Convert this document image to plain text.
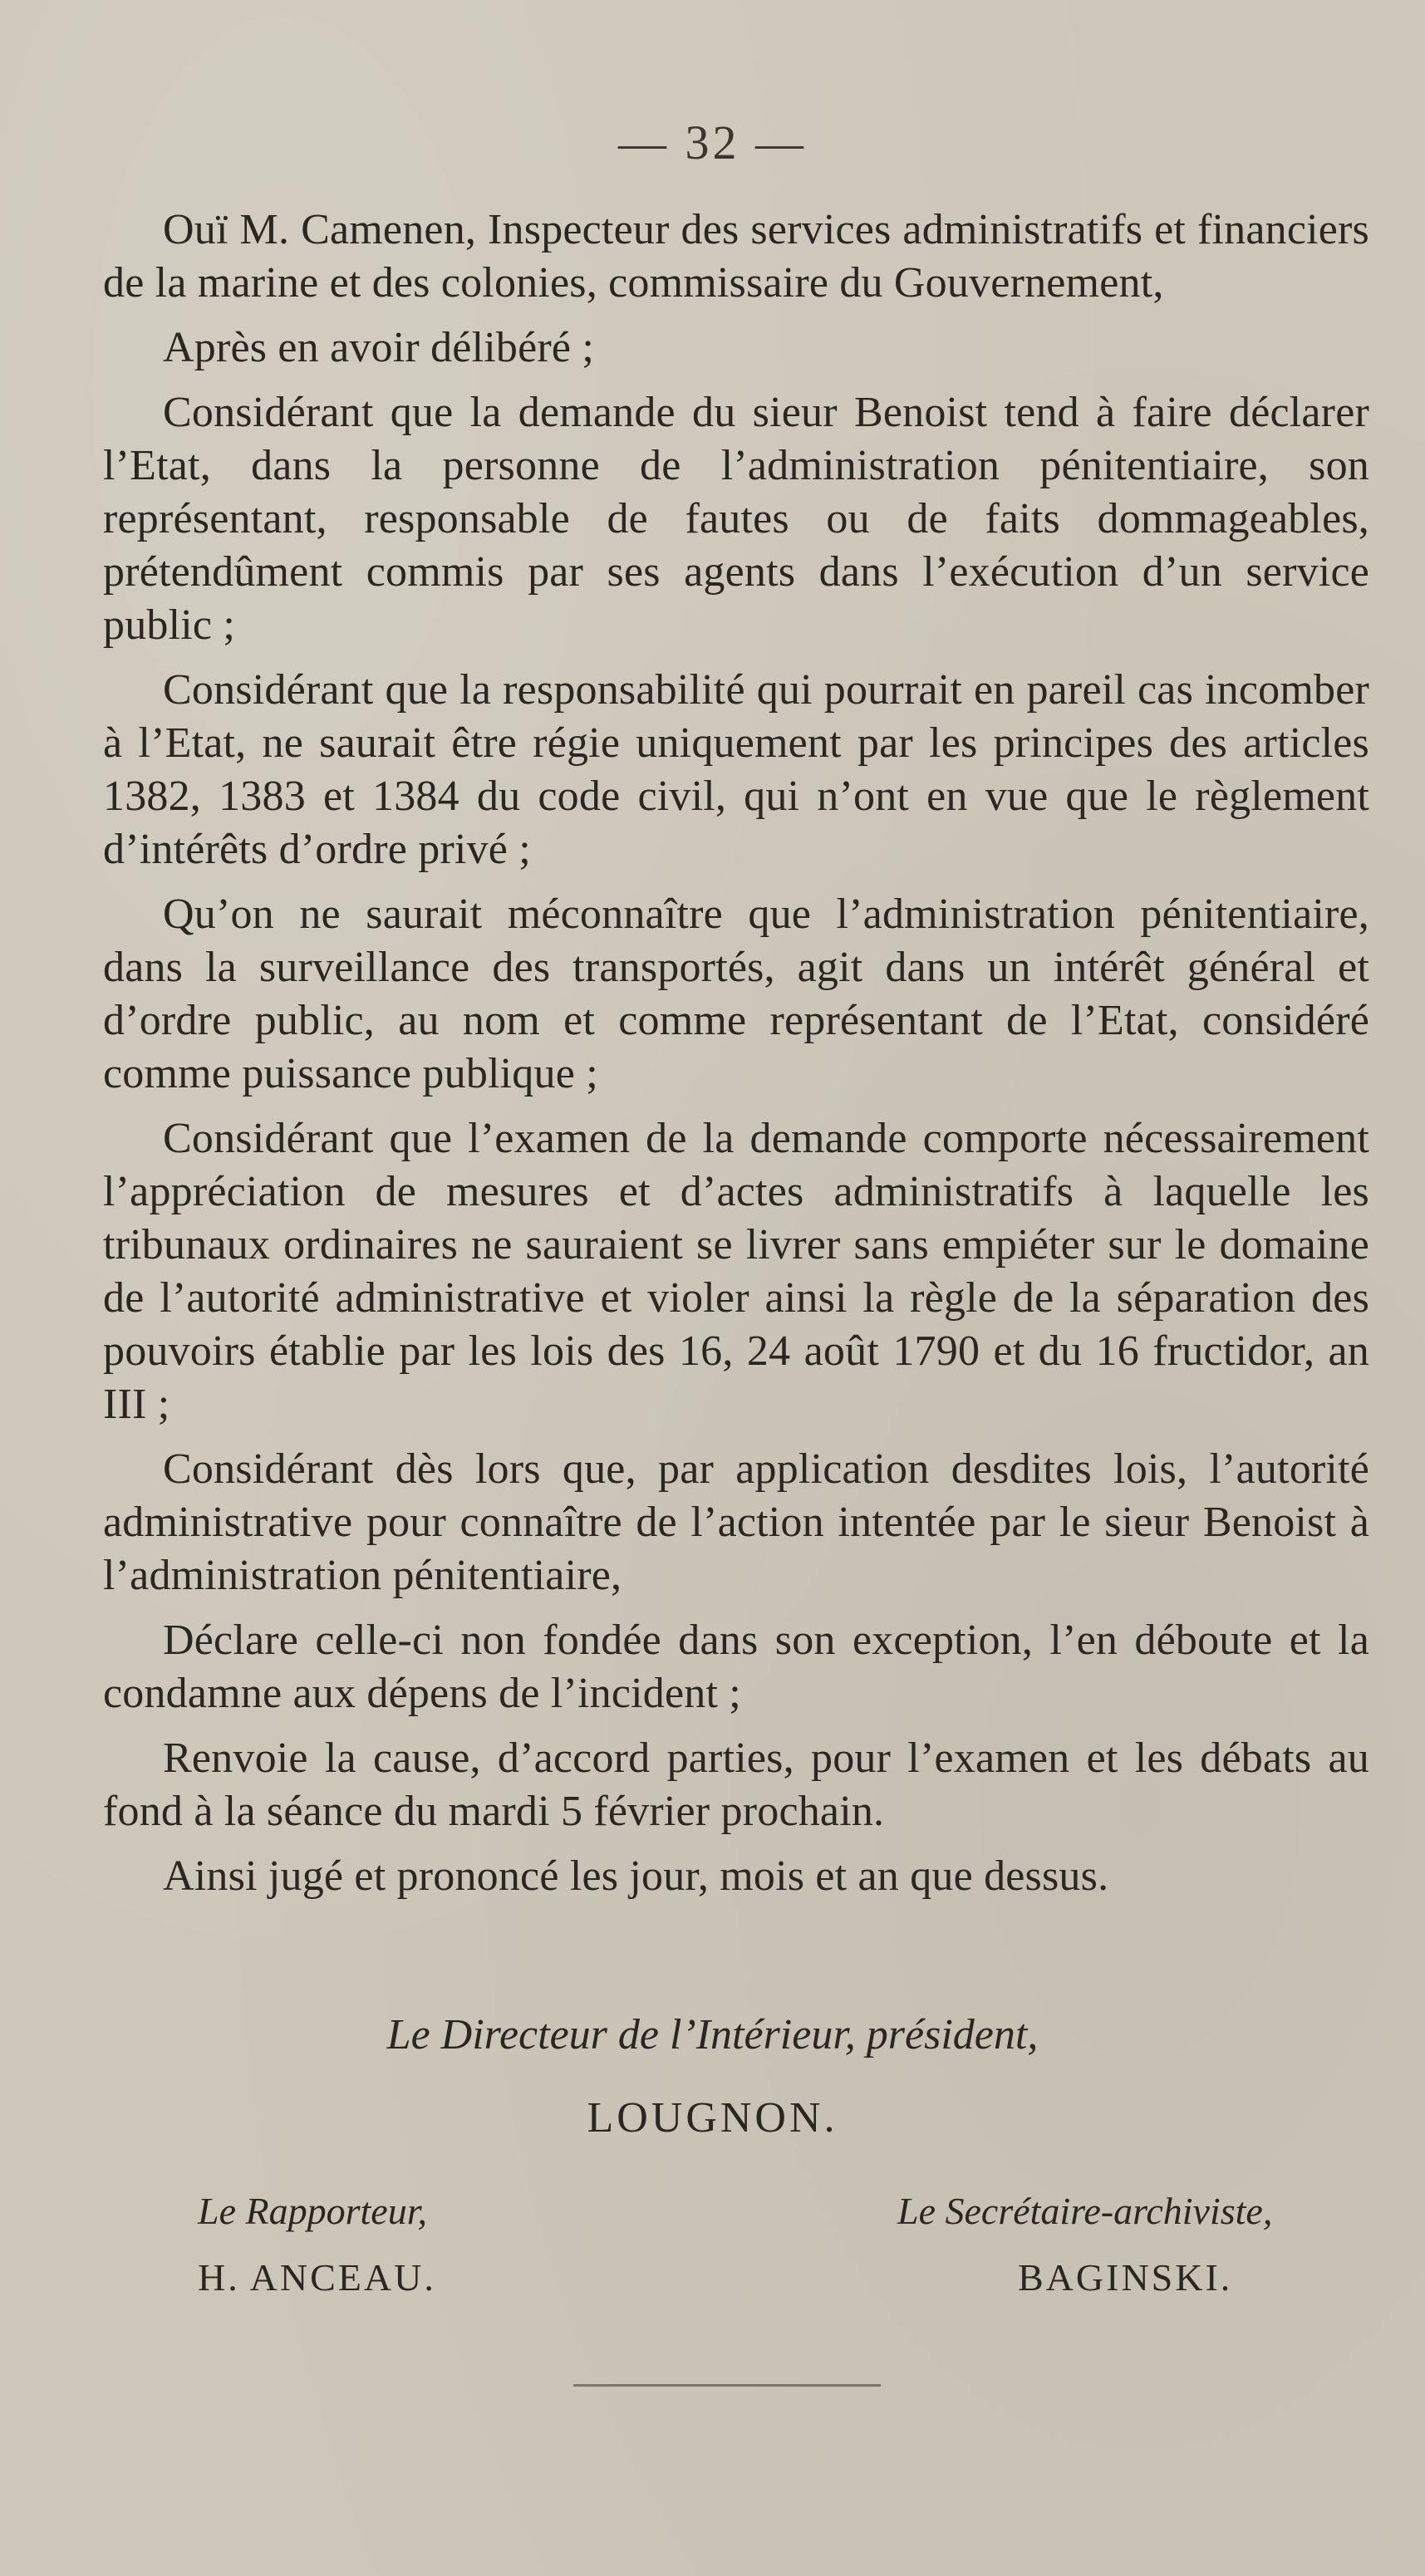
— 32 —

Ouï M. Camenen, Inspecteur des services administratifs et financiers de la marine et des colonies, commissaire du Gouvernement,

Après en avoir délibéré ;

Considérant que la demande du sieur Benoist tend à faire déclarer l’Etat, dans la personne de l’administration pénitentiaire, son représentant, responsable de fautes ou de faits dommageables, prétendûment commis par ses agents dans l’exécution d’un service public ;

Considérant que la responsabilité qui pourrait en pareil cas incomber à l’Etat, ne saurait être régie uniquement par les principes des articles 1382, 1383 et 1384 du code civil, qui n’ont en vue que le règlement d’intérêts d’ordre privé ;

Qu’on ne saurait méconnaître que l’administration pénitentiaire, dans la surveillance des transportés, agit dans un intérêt général et d’ordre public, au nom et comme représentant de l’Etat, considéré comme puissance publique ;

Considérant que l’examen de la demande comporte nécessairement l’appréciation de mesures et d’actes administratifs à laquelle les tribunaux ordinaires ne sauraient se livrer sans empiéter sur le domaine de l’autorité administrative et violer ainsi la règle de la séparation des pouvoirs établie par les lois des 16, 24 août 1790 et du 16 fructidor, an III ;

Considérant dès lors que, par application desdites lois, l’autorité administrative pour connaître de l’action intentée par le sieur Benoist à l’administration pénitentiaire,

Déclare celle-ci non fondée dans son exception, l’en déboute et la condamne aux dépens de l’incident ;

Renvoie la cause, d’accord parties, pour l’examen et les débats au fond à la séance du mardi 5 février prochain.

Ainsi jugé et prononcé les jour, mois et an que dessus.

Le Directeur de l’Intérieur, président,
LOUGNON.
Le Rapporteur,
H. ANCEAU.
Le Secrétaire-archiviste,
BAGINSKI.
